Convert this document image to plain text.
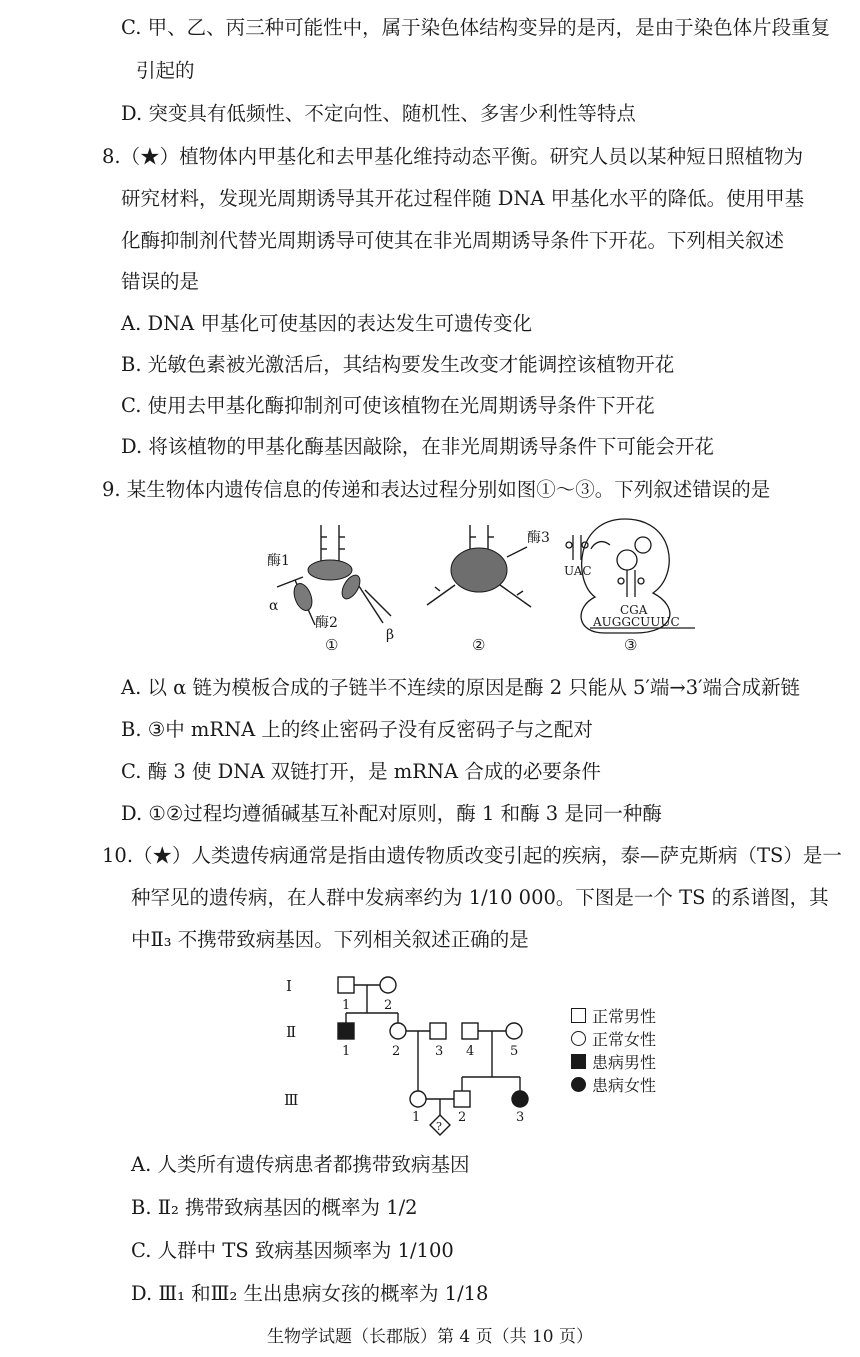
C. 甲、乙、丙三种可能性中，属于染色体结构变异的是丙，是由于染色体片段重复
引起的
D. 突变具有低频性、不定向性、随机性、多害少利性等特点
8.（★）植物体内甲基化和去甲基化维持动态平衡。研究人员以某种短日照植物为
研究材料，发现光周期诱导其开花过程伴随 DNA 甲基化水平的降低。使用甲基
化酶抑制剂代替光周期诱导可使其在非光周期诱导条件下开花。下列相关叙述
错误的是
A. DNA 甲基化可使基因的表达发生可遗传变化
B. 光敏色素被光激活后，其结构要发生改变才能调控该植物开花
C. 使用去甲基化酶抑制剂可使该植物在光周期诱导条件下开花
D. 将该植物的甲基化酶基因敲除，在非光周期诱导条件下可能会开花
9. 某生物体内遗传信息的传递和表达过程分别如图①～③。下列叙述错误的是
酶1
酶2
α
β
①
酶3
②
UAC
CGA
AUGGCUUUC
③
A. 以 α 链为模板合成的子链半不连续的原因是酶 2 只能从 5′端→3′端合成新链
B. ③中 mRNA 上的终止密码子没有反密码子与之配对
C. 酶 3 使 DNA 双链打开，是 mRNA 合成的必要条件
D. ①②过程均遵循碱基互补配对原则，酶 1 和酶 3 是同一种酶
10.（★）人类遗传病通常是指由遗传物质改变引起的疾病，泰—萨克斯病（TS）是一
种罕见的遗传病，在人群中发病率约为 1/10 000。下图是一个 TS 的系谱图，其
中Ⅱ₃ 不携带致病基因。下列相关叙述正确的是
Ⅰ
Ⅱ
Ⅲ
1	2
1	2	3 4	5
1	2	3
?
正常男性
正常女性
患病男性
患病女性
A. 人类所有遗传病患者都携带致病基因
B. Ⅱ₂ 携带致病基因的概率为 1/2
C. 人群中 TS 致病基因频率为 1/100
D. Ⅲ₁ 和Ⅲ₂ 生出患病女孩的概率为 1/18
生物学试题（长郡版）第 4 页（共 10 页）
